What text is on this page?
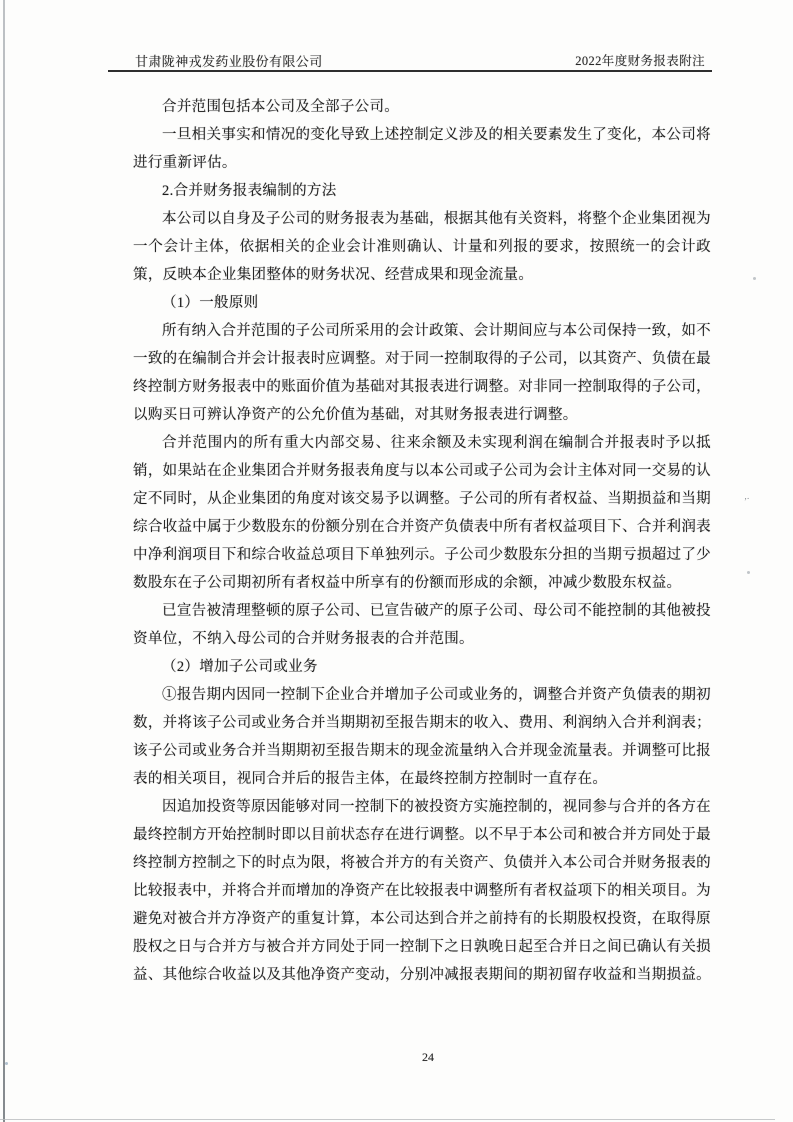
‚.
甘肃陇神戎发药业股份有限公司	2022年度财务报表附注

合并范围包括本公司及全部子公司。

一旦相关事实和情况的变化导致上述控制定义涉及的相关要素发生了变化，本公司将进行重新评估。

2.合并财务报表编制的方法

本公司以自身及子公司的财务报表为基础，根据其他有关资料，将整个企业集团视为一个会计主体，依据相关的企业会计准则确认、计量和列报的要求，按照统一的会计政策，反映本企业集团整体的财务状况、经营成果和现金流量。

（1）一般原则

所有纳入合并范围的子公司所采用的会计政策、会计期间应与本公司保持一致，如不一致的在编制合并会计报表时应调整。对于同一控制取得的子公司，以其资产、负债在最终控制方财务报表中的账面价值为基础对其报表进行调整。对非同一控制取得的子公司，以购买日可辨认净资产的公允价值为基础，对其财务报表进行调整。

合并范围内的所有重大内部交易、往来余额及未实现利润在编制合并报表时予以抵销，如果站在企业集团合并财务报表角度与以本公司或子公司为会计主体对同一交易的认定不同时，从企业集团的角度对该交易予以调整。子公司的所有者权益、当期损益和当期综合收益中属于少数股东的份额分别在合并资产负债表中所有者权益项目下、合并利润表中净利润项目下和综合收益总项目下单独列示。子公司少数股东分担的当期亏损超过了少数股东在子公司期初所有者权益中所享有的份额而形成的余额，冲减少数股东权益。

已宣告被清理整顿的原子公司、已宣告破产的原子公司、母公司不能控制的其他被投资单位，不纳入母公司的合并财务报表的合并范围。

（2）增加子公司或业务

①报告期内因同一控制下企业合并增加子公司或业务的，调整合并资产负债表的期初数，并将该子公司或业务合并当期期初至报告期末的收入、费用、利润纳入合并利润表；该子公司或业务合并当期期初至报告期末的现金流量纳入合并现金流量表。并调整可比报表的相关项目，视同合并后的报告主体，在最终控制方控制时一直存在。

因追加投资等原因能够对同一控制下的被投资方实施控制的，视同参与合并的各方在最终控制方开始控制时即以目前状态存在进行调整。以不早于本公司和被合并方同处于最终控制方控制之下的时点为限，将被合并方的有关资产、负债并入本公司合并财务报表的比较报表中，并将合并而增加的净资产在比较报表中调整所有者权益项下的相关项目。为避免对被合并方净资产的重复计算，本公司达到合并之前持有的长期股权投资，在取得原股权之日与合并方与被合并方同处于同一控制下之日孰晚日起至合并日之间已确认有关损益、其他综合收益以及其他净资产变动，分别冲减报表期间的期初留存收益和当期损益。

24
